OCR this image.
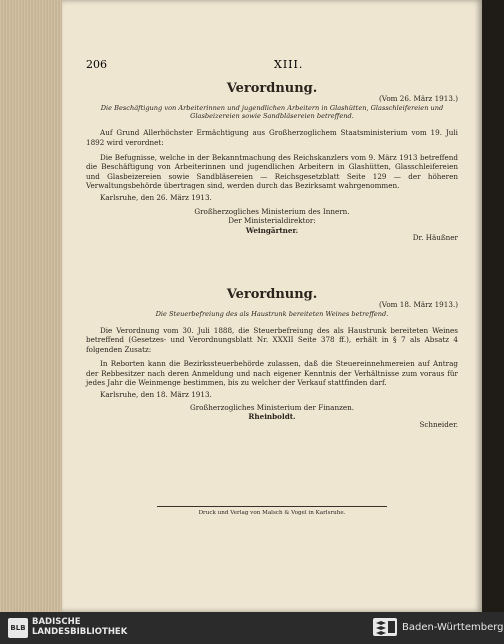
206	XIII.
Verordnung.
(Vom 26. März 1913.)
Die Beschäftigung von Arbeiterinnen und jugendlichen Arbeitern in Glashütten, Glasschleifereien und Glasbeizereien sowie Sandbläsereien betreffend.
Auf Grund Allerhöchster Ermächtigung aus Großherzoglichem Staatsministerium vom 19. Juli 1892 wird verordnet:
Die Befugnisse, welche in der Bekanntmachung des Reichskanzlers vom 9. März 1913 betreffend die Beschäftigung von Arbeiterinnen und jugendlichen Arbeitern in Glashütten, Glasschleifereien und Glasbeizereien sowie Sandbläsereien — Reichsgesetzblatt Seite 129 — der höheren Verwaltungsbehörde übertragen sind, werden durch das Bezirksamt wahrgenommen.
Karlsruhe, den 26. März 1913.
Großherzogliches Ministerium des Innern.
Der Ministerialdirektor:
Weingärtner.
Dr. Häußner
Verordnung.
(Vom 18. März 1913.)
Die Steuerbefreiung des als Haustrunk bereiteten Weines betreffend.
Die Verordnung vom 30. Juli 1888, die Steuerbefreiung des als Haustrunk bereiteten Weines betreffend (Gesetzes- und Verordnungsblatt Nr. XXXII Seite 378 ff.), erhält in § 7 als Absatz 4 folgenden Zusatz:
In Reborten kann die Bezirkssteuerbehörde zulassen, daß die Steuereinnehmereien auf Antrag der Rebbesitzer nach deren Anmeldung und nach eigener Kenntnis der Verhältnisse zum voraus für jedes Jahr die Weinmenge bestimmen, bis zu welcher der Verkauf stattfinden darf.
Karlsruhe, den 18. März 1913.
Großherzogliches Ministerium der Finanzen.
Rheinboldt.
Schneider.
Druck und Verlag von Malsch & Vogel in Karlsruhe.
BLB
BADISCHE
LANDESBIBLIOTHEK	Baden-Württemberg
